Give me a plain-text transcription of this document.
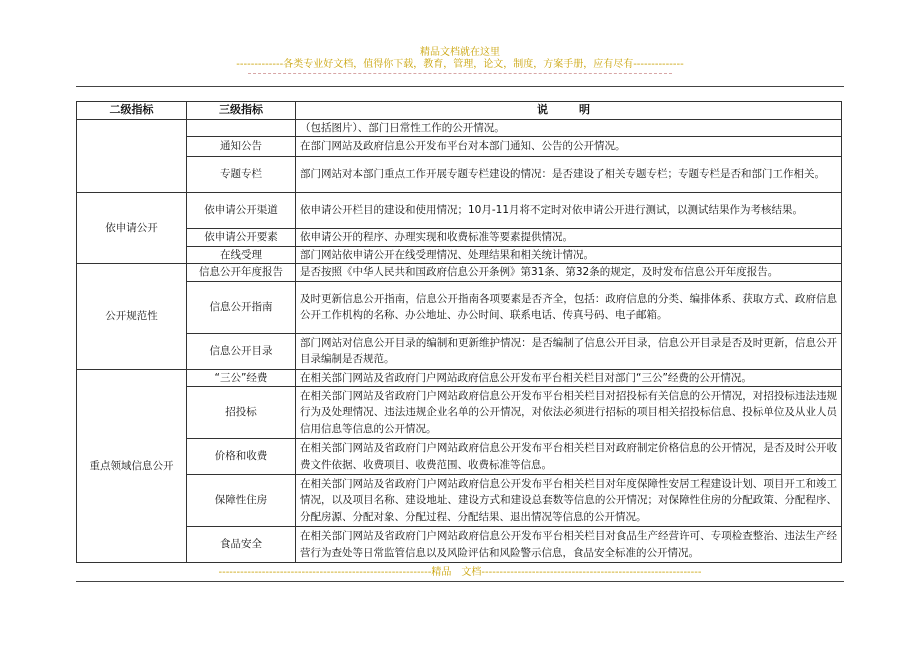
精品文档就在这里
-------------各类专业好文档，值得你下载，教育，管理，论文，制度，方案手册，应有尽有--------------
二级指标	三级指标	说　明
		（包括图片）、部门日常性工作的公开情况。
	通知公告	在部门网站及政府信息公开发布平台对本部门通知、公告的公开情况。
	专题专栏	部门网站对本部门重点工作开展专题专栏建设的情况：是否建设了相关专题专栏；专题专栏是否和部门工作相关。
依申请公开	依申请公开渠道	依申请公开栏目的建设和使用情况；10月-11月将不定时对依申请公开进行测试，以测试结果作为考核结果。
	依申请公开要素	依申请公开的程序、办理实现和收费标准等要素提供情况。
	在线受理	部门网站依申请公开在线受理情况、处理结果和相关统计情况。
公开规范性	信息公开年度报告	是否按照《中华人民共和国政府信息公开条例》第31条、第32条的规定，及时发布信息公开年度报告。
	信息公开指南	及时更新信息公开指南，信息公开指南各项要素是否齐全，包括：政府信息的分类、编排体系、获取方式、政府信息公开工作机构的名称、办公地址、办公时间、联系电话、传真号码、电子邮箱。
	信息公开目录	部门网站对信息公开目录的编制和更新维护情况：是否编制了信息公开目录，信息公开目录是否及时更新，信息公开目录编制是否规范。
重点领域信息公开	“三公”经费	在相关部门网站及省政府门户网站政府信息公开发布平台相关栏目对部门“三公”经费的公开情况。
	招投标	在相关部门网站及省政府门户网站政府信息公开发布平台相关栏目对招投标有关信息的公开情况，对招投标违法违规行为及处理情况、违法违规企业名单的公开情况，对依法必须进行招标的项目相关招投标信息、投标单位及从业人员信用信息等信息的公开情况。
	价格和收费	在相关部门网站及省政府门户网站政府信息公开发布平台相关栏目对政府制定价格信息的公开情况，是否及时公开收费文件依据、收费项目、收费范围、收费标准等信息。
	保障性住房	在相关部门网站及省政府门户网站政府信息公开发布平台相关栏目对年度保障性安居工程建设计划、项目开工和竣工情况，以及项目名称、建设地址、建设方式和建设总套数等信息的公开情况；对保障性住房的分配政策、分配程序、分配房源、分配对象、分配过程、分配结果、退出情况等信息的公开情况。
	食品安全	在相关部门网站及省政府门户网站政府信息公开发布平台相关栏目对食品生产经营许可、专项检查整治、违法生产经营行为查处等日常监管信息以及风险评估和风险警示信息，食品安全标准的公开情况。
-----------------------------------------------------------精品　文档-------------------------------------------------------------
